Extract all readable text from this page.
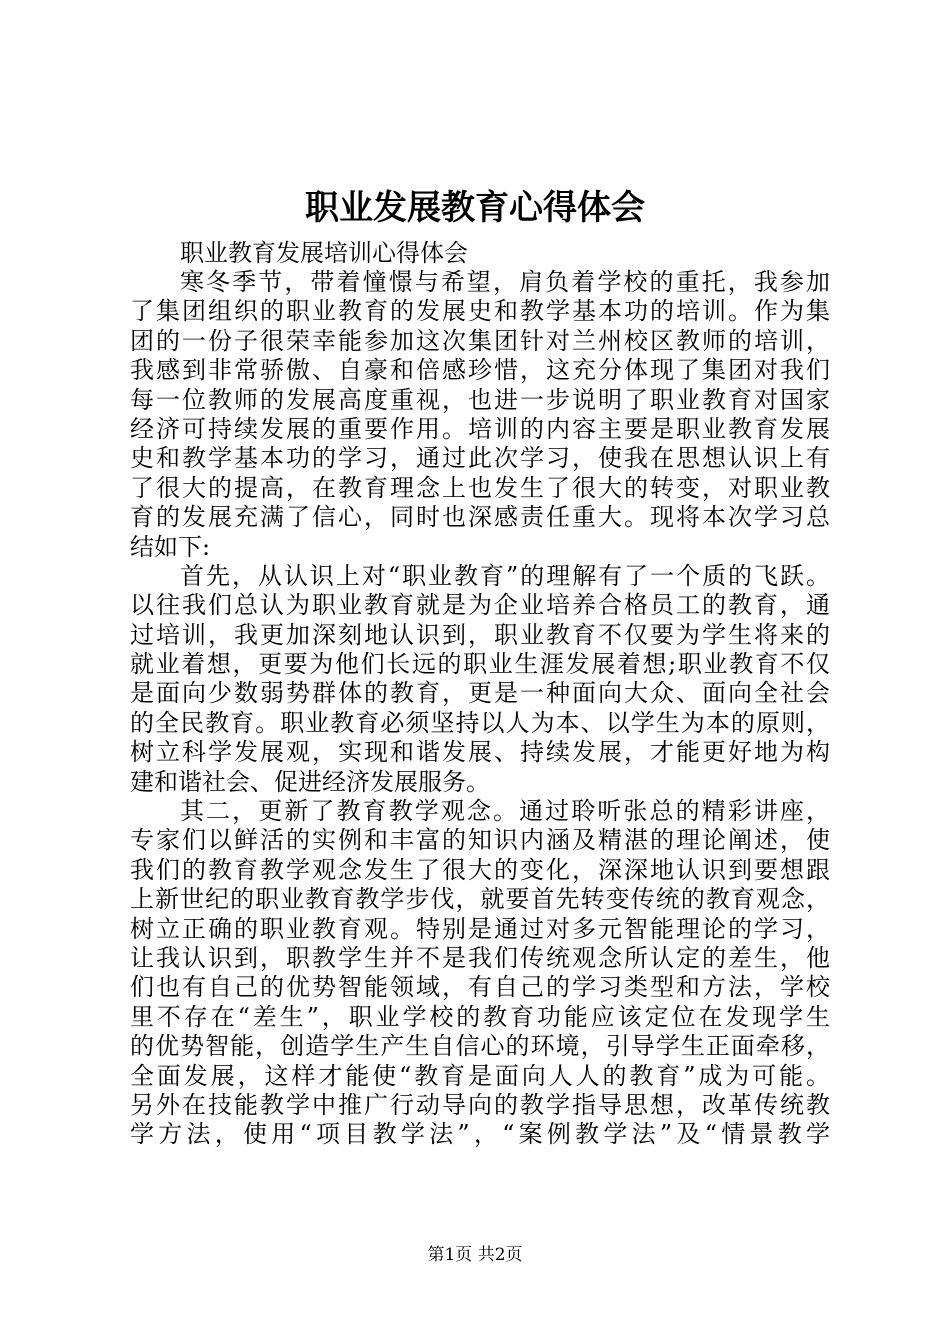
职业发展教育心得体会
职业教育发展培训心得体会
寒冬季节，带着憧憬与希望，肩负着学校的重托，我参加
了集团组织的职业教育的发展史和教学基本功的培训。作为集
团的一份子很荣幸能参加这次集团针对兰州校区教师的培训，
我感到非常骄傲、自豪和倍感珍惜，这充分体现了集团对我们
每一位教师的发展高度重视，也进一步说明了职业教育对国家
经济可持续发展的重要作用。培训的内容主要是职业教育发展
史和教学基本功的学习，通过此次学习，使我在思想认识上有
了很大的提高，在教育理念上也发生了很大的转变，对职业教
育的发展充满了信心，同时也深感责任重大。现将本次学习总
结如下:
首先，从认识上对“职业教育”的理解有了一个质的飞跃。
以往我们总认为职业教育就是为企业培养合格员工的教育，通
过培训，我更加深刻地认识到，职业教育不仅要为学生将来的
就业着想，更要为他们长远的职业生涯发展着想;职业教育不仅
是面向少数弱势群体的教育，更是一种面向大众、面向全社会
的全民教育。职业教育必须坚持以人为本、以学生为本的原则，
树立科学发展观，实现和谐发展、持续发展，才能更好地为构
建和谐社会、促进经济发展服务。
其二，更新了教育教学观念。通过聆听张总的精彩讲座，
专家们以鲜活的实例和丰富的知识内涵及精湛的理论阐述，使
我们的教育教学观念发生了很大的变化，深深地认识到要想跟
上新世纪的职业教育教学步伐，就要首先转变传统的教育观念，
树立正确的职业教育观。特别是通过对多元智能理论的学习，
让我认识到，职教学生并不是我们传统观念所认定的差生，他
们也有自己的优势智能领域，有自己的学习类型和方法，学校
里不存在“差生”，职业学校的教育功能应该定位在发现学生
的优势智能，创造学生产生自信心的环境，引导学生正面牵移，
全面发展，这样才能使“教育是面向人人的教育”成为可能。
另外在技能教学中推广行动导向的教学指导思想，改革传统教
学方法，使用“项目教学法”，“案例教学法”及“情景教学
第1页 共2页
